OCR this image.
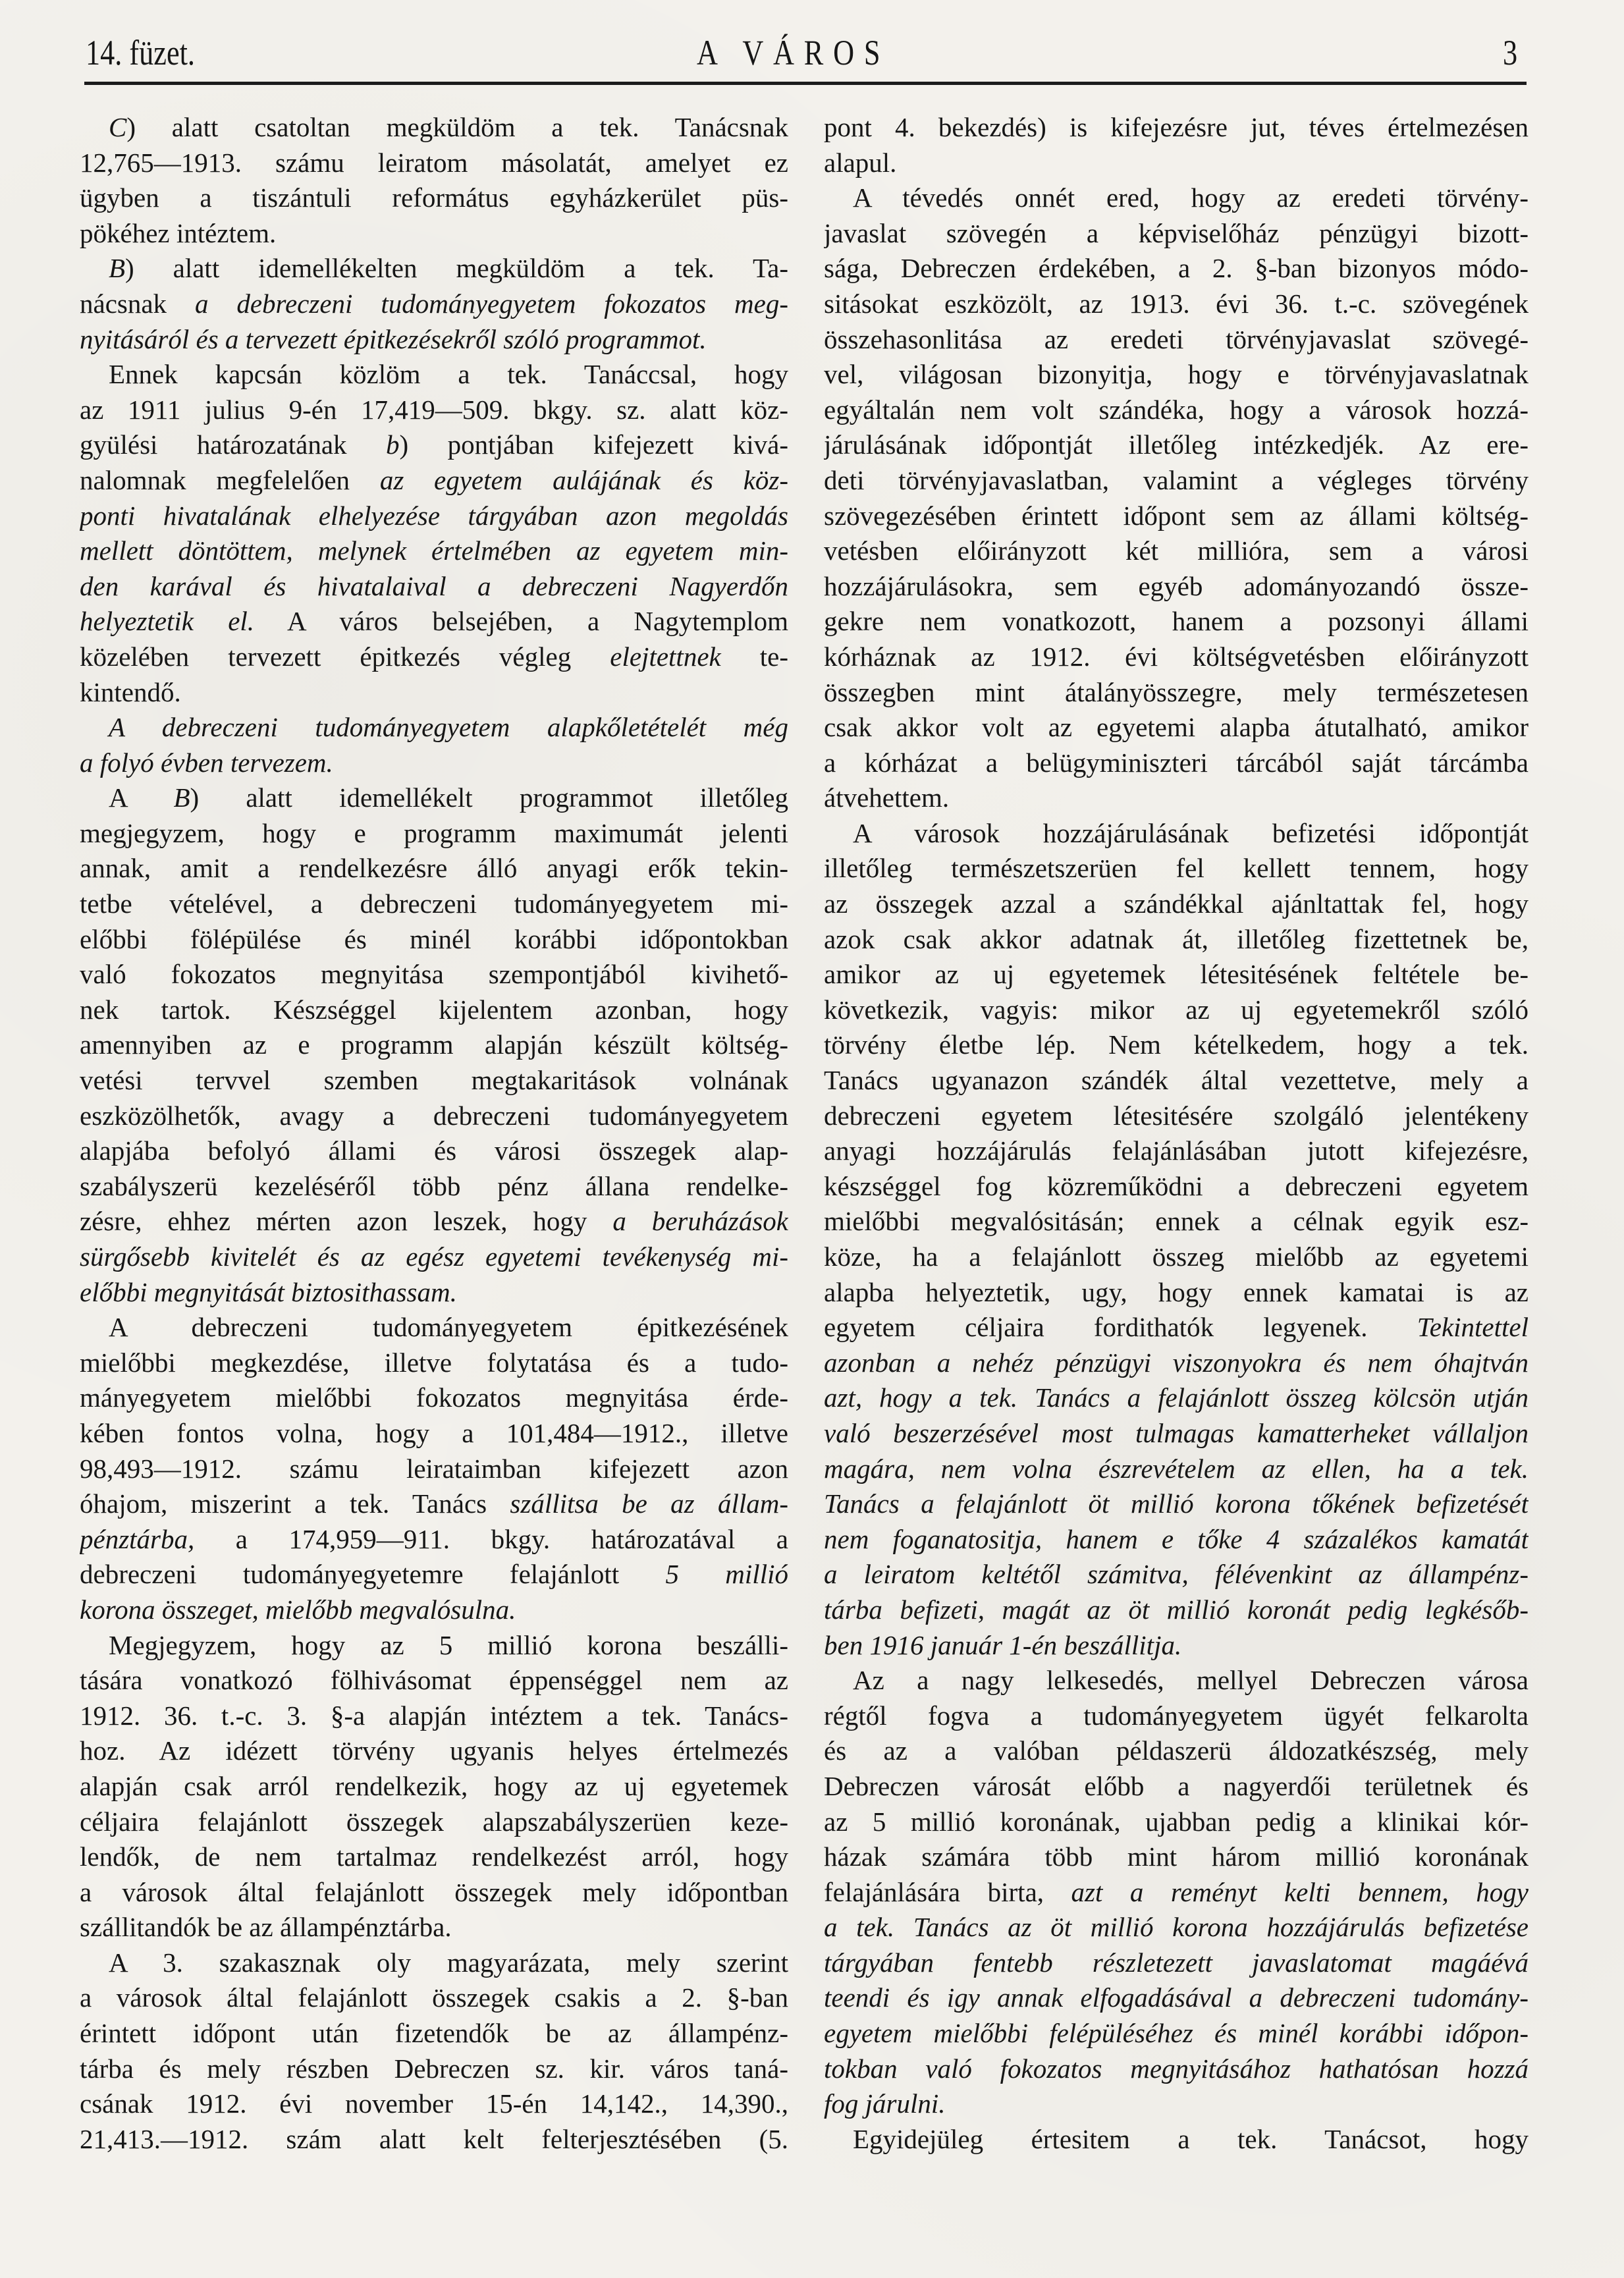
14. füzet.	A VÁROS	3
C) alatt csatoltan megküldöm a tek. Tanácsnak
12,765—1913. számu leiratom másolatát, amelyet ez
ügyben a tiszántuli református egyházkerület püs-
pökéhez intéztem.
B) alatt idemellékelten megküldöm a tek. Ta-
nácsnak a debreczeni tudományegyetem fokozatos meg-
nyitásáról és a tervezett épitkezésekről szóló programmot.
Ennek kapcsán közlöm a tek. Tanáccsal, hogy
az 1911 julius 9-én 17,419—509. bkgy. sz. alatt köz-
gyülési határozatának b) pontjában kifejezett kivá-
nalomnak megfelelően az egyetem aulájának és köz-
ponti hivatalának elhelyezése tárgyában azon megoldás
mellett döntöttem, melynek értelmében az egyetem min-
den karával és hivatalaival a debreczeni Nagyerdőn
helyeztetik el. A város belsejében, a Nagytemplom
közelében tervezett épitkezés végleg elejtettnek te-
kintendő.
A debreczeni tudományegyetem alapkőletételét még
a folyó évben tervezem.
A B) alatt idemellékelt programmot illetőleg
megjegyzem, hogy e programm maximumát jelenti
annak, amit a rendelkezésre álló anyagi erők tekin-
tetbe vételével, a debreczeni tudományegyetem mi-
előbbi fölépülése és minél korábbi időpontokban
való fokozatos megnyitása szempontjából kivihető-
nek tartok. Készséggel kijelentem azonban, hogy
amennyiben az e programm alapján készült költség-
vetési tervvel szemben megtakaritások volnának
eszközölhetők, avagy a debreczeni tudományegyetem
alapjába befolyó állami és városi összegek alap-
szabályszerü kezeléséről több pénz állana rendelke-
zésre, ehhez mérten azon leszek, hogy a beruházások
sürgősebb kivitelét és az egész egyetemi tevékenység mi-
előbbi megnyitását biztosithassam.
A debreczeni tudományegyetem épitkezésének
mielőbbi megkezdése, illetve folytatása és a tudo-
mányegyetem mielőbbi fokozatos megnyitása érde-
kében fontos volna, hogy a 101,484—1912., illetve
98,493—1912. számu leirataimban kifejezett azon
óhajom, miszerint a tek. Tanács szállitsa be az állam-
pénztárba, a 174,959—911. bkgy. határozatával a
debreczeni tudományegyetemre felajánlott 5 millió
korona összeget, mielőbb megvalósulna.
Megjegyzem, hogy az 5 millió korona beszálli-
tására vonatkozó fölhivásomat éppenséggel nem az
1912. 36. t.-c. 3. §-a alapján intéztem a tek. Tanács-
hoz. Az idézett törvény ugyanis helyes értelmezés
alapján csak arról rendelkezik, hogy az uj egyetemek
céljaira felajánlott összegek alapszabályszerüen keze-
lendők, de nem tartalmaz rendelkezést arról, hogy
a városok által felajánlott összegek mely időpontban
szállitandók be az állampénztárba.
A 3. szakasznak oly magyarázata, mely szerint
a városok által felajánlott összegek csakis a 2. §-ban
érintett időpont után fizetendők be az állampénz-
tárba és mely részben Debreczen sz. kir. város taná-
csának 1912. évi november 15-én 14,142., 14,390.,
21,413.—1912. szám alatt kelt felterjesztésében (5.
pont 4. bekezdés) is kifejezésre jut, téves értelmezésen
alapul.
A tévedés onnét ered, hogy az eredeti törvény-
javaslat szövegén a képviselőház pénzügyi bizott-
sága, Debreczen érdekében, a 2. §-ban bizonyos módo-
sitásokat eszközölt, az 1913. évi 36. t.-c. szövegének
összehasonlitása az eredeti törvényjavaslat szövegé-
vel, világosan bizonyitja, hogy e törvényjavaslatnak
egyáltalán nem volt szándéka, hogy a városok hozzá-
járulásának időpontját illetőleg intézkedjék. Az ere-
deti törvényjavaslatban, valamint a végleges törvény
szövegezésében érintett időpont sem az állami költség-
vetésben előirányzott két millióra, sem a városi
hozzájárulásokra, sem egyéb adományozandó össze-
gekre nem vonatkozott, hanem a pozsonyi állami
kórháznak az 1912. évi költségvetésben előirányzott
összegben mint átalányösszegre, mely természetesen
csak akkor volt az egyetemi alapba átutalható, amikor
a kórházat a belügyminiszteri tárcából saját tárcámba
átvehettem.
A városok hozzájárulásának befizetési időpontját
illetőleg természetszerüen fel kellett tennem, hogy
az összegek azzal a szándékkal ajánltattak fel, hogy
azok csak akkor adatnak át, illetőleg fizettetnek be,
amikor az uj egyetemek létesitésének feltétele be-
következik, vagyis: mikor az uj egyetemekről szóló
törvény életbe lép. Nem kételkedem, hogy a tek.
Tanács ugyanazon szándék által vezettetve, mely a
debreczeni egyetem létesitésére szolgáló jelentékeny
anyagi hozzájárulás felajánlásában jutott kifejezésre,
készséggel fog közreműködni a debreczeni egyetem
mielőbbi megvalósitásán; ennek a célnak egyik esz-
köze, ha a felajánlott összeg mielőbb az egyetemi
alapba helyeztetik, ugy, hogy ennek kamatai is az
egyetem céljaira fordithatók legyenek. Tekintettel
azonban a nehéz pénzügyi viszonyokra és nem óhajtván
azt, hogy a tek. Tanács a felajánlott összeg kölcsön utján
való beszerzésével most tulmagas kamatterheket vállaljon
magára, nem volna észrevételem az ellen, ha a tek.
Tanács a felajánlott öt millió korona tőkének befizetését
nem foganatositja, hanem e tőke 4 százalékos kamatát
a leiratom keltétől számitva, félévenkint az állampénz-
tárba befizeti, magát az öt millió koronát pedig legkésőb-
ben 1916 január 1-én beszállitja.
Az a nagy lelkesedés, mellyel Debreczen városa
régtől fogva a tudományegyetem ügyét felkarolta
és az a valóban példaszerü áldozatkészség, mely
Debreczen városát előbb a nagyerdői területnek és
az 5 millió koronának, ujabban pedig a klinikai kór-
házak számára több mint három millió koronának
felajánlására birta, azt a reményt kelti bennem, hogy
a tek. Tanács az öt millió korona hozzájárulás befizetése
tárgyában fentebb részletezett javaslatomat magáévá
teendi és igy annak elfogadásával a debreczeni tudomány-
egyetem mielőbbi felépüléséhez és minél korábbi időpon-
tokban való fokozatos megnyitásához hathatósan hozzá
fog járulni.
Egyidejüleg értesitem a tek. Tanácsot, hogy
